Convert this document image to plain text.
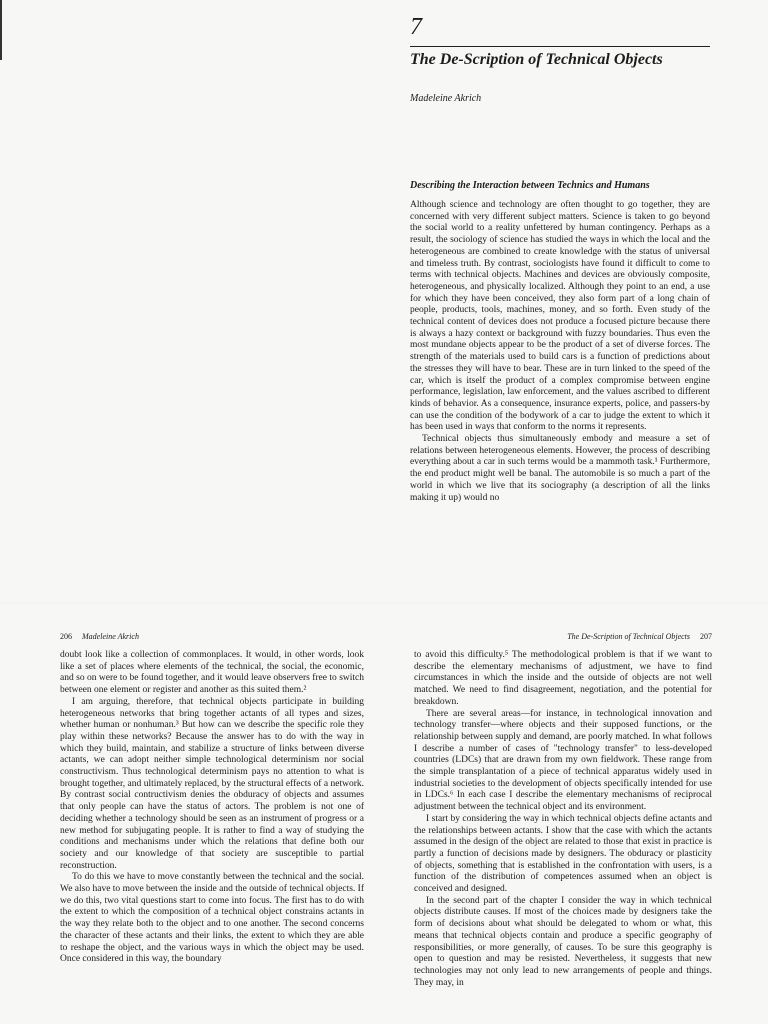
7
The De-Scription of Technical Objects
Madeleine Akrich
Describing the Interaction between Technics and Humans

Although science and technology are often thought to go together, they are concerned with very different subject matters. Science is taken to go beyond the social world to a reality unfettered by human contingency. Perhaps as a result, the sociology of science has studied the ways in which the local and the heterogeneous are combined to create knowledge with the status of universal and timeless truth. By contrast, sociologists have found it difficult to come to terms with technical objects. Machines and devices are obviously composite, heterogeneous, and physically localized. Although they point to an end, a use for which they have been conceived, they also form part of a long chain of people, products, tools, machines, money, and so forth. Even study of the technical content of devices does not produce a focused picture because there is always a hazy context or background with fuzzy boundaries. Thus even the most mundane objects appear to be the product of a set of diverse forces. The strength of the materials used to build cars is a function of predictions about the stresses they will have to bear. These are in turn linked to the speed of the car, which is itself the product of a complex compromise between engine performance, legislation, law enforcement, and the values ascribed to different kinds of behavior. As a consequence, insurance experts, police, and passers-by can use the condition of the bodywork of a car to judge the extent to which it has been used in ways that conform to the norms it represents.

Technical objects thus simultaneously embody and measure a set of relations between heterogeneous elements. However, the process of describing everything about a car in such terms would be a mammoth task.¹ Furthermore, the end product might well be banal. The automobile is so much a part of the world in which we live that its sociography (a description of all the links making it up) would no

206 Madeleine Akrich	The De-Scription of Technical Objects 207

doubt look like a collection of commonplaces. It would, in other words, look like a set of places where elements of the technical, the social, the economic, and so on were to be found together, and it would leave observers free to switch between one element or register and another as this suited them.²

I am arguing, therefore, that technical objects participate in building heterogeneous networks that bring together actants of all types and sizes, whether human or nonhuman.³ But how can we describe the specific role they play within these networks? Because the answer has to do with the way in which they build, maintain, and stabilize a structure of links between diverse actants, we can adopt neither simple technological determinism nor social constructivism. Thus technological determinism pays no attention to what is brought together, and ultimately replaced, by the structural effects of a network. By contrast social contructivism denies the obduracy of objects and assumes that only people can have the status of actors. The problem is not one of deciding whether a technology should be seen as an instrument of progress or a new method for subjugating people. It is rather to find a way of studying the conditions and mechanisms under which the relations that define both our society and our knowledge of that society are susceptible to partial reconstruction.

To do this we have to move constantly between the technical and the social. We also have to move between the inside and the outside of technical objects. If we do this, two vital questions start to come into focus. The first has to do with the extent to which the composition of a technical object constrains actants in the way they relate both to the object and to one another. The second concerns the character of these actants and their links, the extent to which they are able to reshape the object, and the various ways in which the object may be used. Once considered in this way, the boundary

to avoid this difficulty.⁵ The methodological problem is that if we want to describe the elementary mechanisms of adjustment, we have to find circumstances in which the inside and the outside of objects are not well matched. We need to find disagreement, negotiation, and the potential for breakdown.

There are several areas—for instance, in technological innovation and technology transfer—where objects and their supposed functions, or the relationship between supply and demand, are poorly matched. In what follows I describe a number of cases of "technology transfer" to less-developed countries (LDCs) that are drawn from my own fieldwork. These range from the simple transplantation of a piece of technical apparatus widely used in industrial societies to the development of objects specifically intended for use in LDCs.⁶ In each case I describe the elementary mechanisms of reciprocal adjustment between the technical object and its environment.

I start by considering the way in which technical objects define actants and the relationships between actants. I show that the case with which the actants assumed in the design of the object are related to those that exist in practice is partly a function of decisions made by designers. The obduracy or plasticity of objects, something that is established in the confrontation with users, is a function of the distribution of competences assumed when an object is conceived and designed.

In the second part of the chapter I consider the way in which technical objects distribute causes. If most of the choices made by designers take the form of decisions about what should be delegated to whom or what, this means that technical objects contain and produce a specific geography of responsibilities, or more generally, of causes. To be sure this geography is open to question and may be resisted. Nevertheless, it suggests that new technologies may not only lead to new arrangements of people and things. They may, in
